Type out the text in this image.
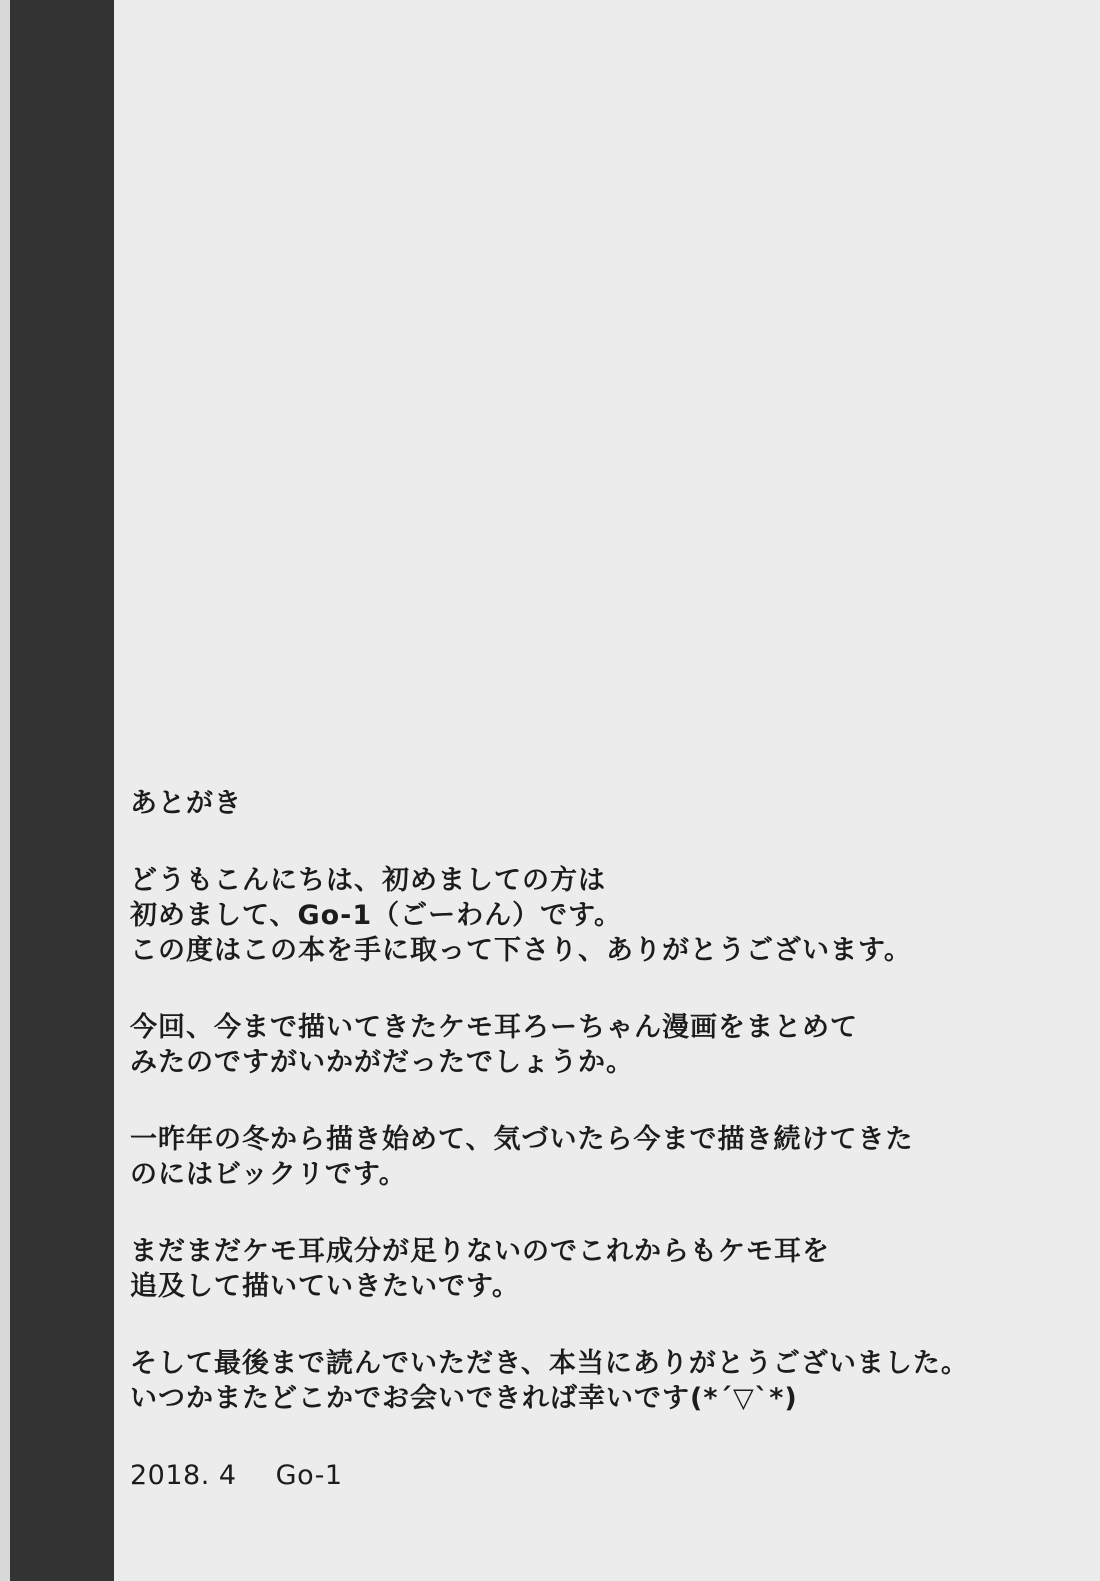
あとがき
どうもこんにちは、初めましての方は
初めまして、Go-1（ごーわん）です。
この度はこの本を手に取って下さり、ありがとうございます。
今回、今まで描いてきたケモ耳ろーちゃん漫画をまとめて
みたのですがいかがだったでしょうか。
一昨年の冬から描き始めて、気づいたら今まで描き続けてきた
のにはビックリです。
まだまだケモ耳成分が足りないのでこれからもケモ耳を
追及して描いていきたいです。
そして最後まで読んでいただき、本当にありがとうございました。
いつかまたどこかでお会いできれば幸いです(*´▽`*)
2018. 4 Go-1
